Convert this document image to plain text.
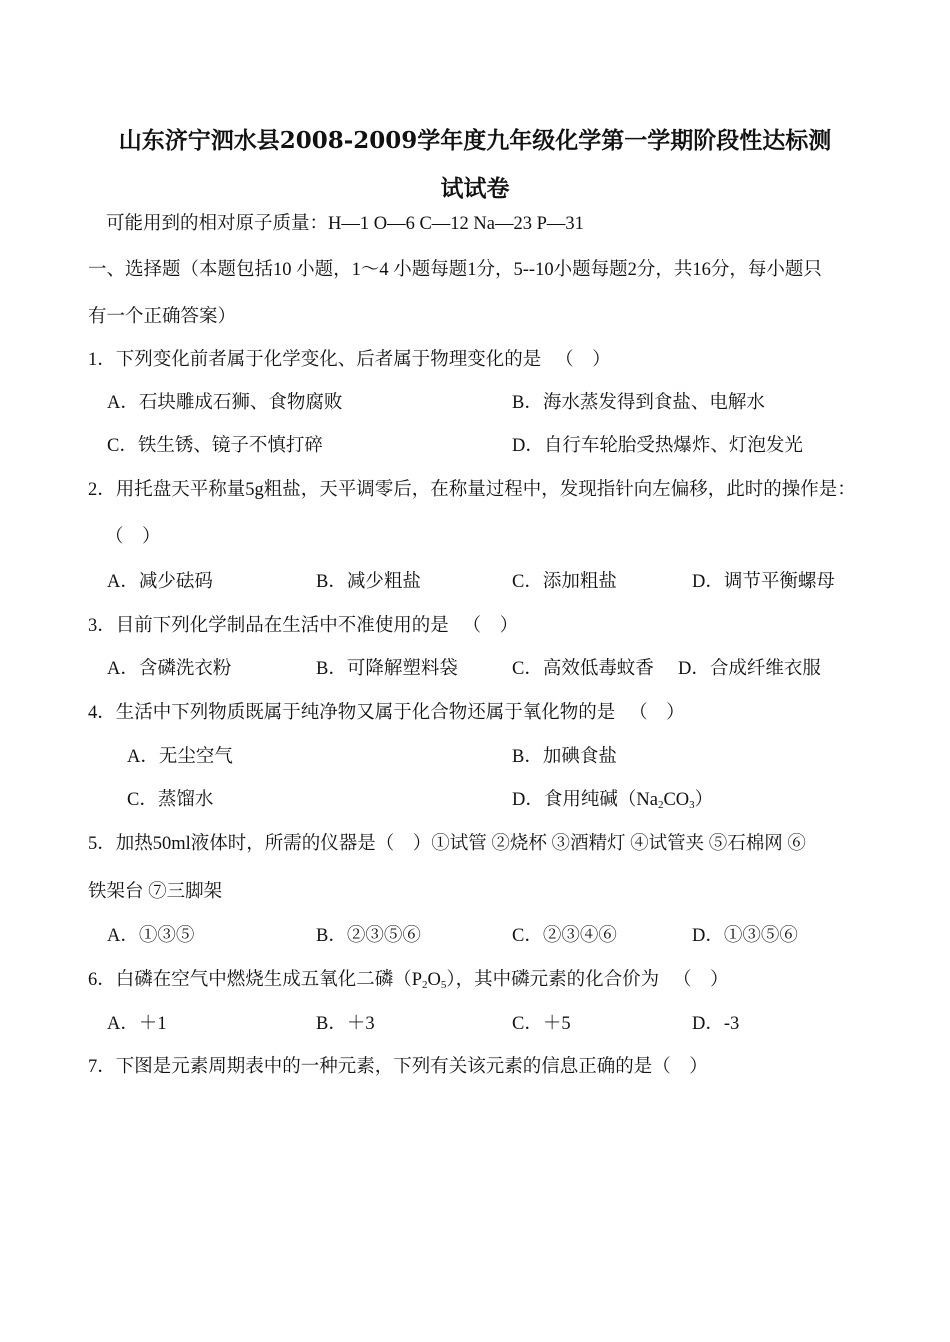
山东济宁泗水县2008-2009学年度九年级化学第一学期阶段性达标测
试试卷
可能用到的相对原子质量：H—1 O—6 C—12 Na—23 P—31
一、选择题（本题包括10 小题，1～4 小题每题1分，5--10小题每题2分，共16分，每小题只
有一个正确答案）
1．下列变化前者属于化学变化、后者属于物理变化的是 　（　）
A．石块雕成石狮、食物腐败	B．海水蒸发得到食盐、电解水
C．铁生锈、镜子不慎打碎	D．自行车轮胎受热爆炸、灯泡发光
2．用托盘天平称量5g粗盐，天平调零后，在称量过程中，发现指针向左偏移，此时的操作是：
（　）
A．减少砝码	B．减少粗盐	C．添加粗盐	D．调节平衡螺母
3．目前下列化学制品在生活中不准使用的是 　（　）
A．含磷洗衣粉	B．可降解塑料袋	C．高效低毒蚊香 D．合成纤维衣服
4．生活中下列物质既属于纯净物又属于化合物还属于氧化物的是 　（　）
A．无尘空气	B．加碘食盐
C．蒸馏水	D．食用纯碱$(Na_2CO_3)$
5．加热50ml液体时，所需的仪器是（　）①试管 ②烧杯 ③酒精灯 ④试管夹 ⑤石棉网 ⑥
铁架台 ⑦三脚架
A．①③⑤	B．②③⑤⑥	C．②③④⑥	D．①③⑤⑥
6．白磷在空气中燃烧生成五氧化二磷$(P_2O_5)$，其中磷元素的化合价为 　（　）
A．＋1	B．＋3	C．＋5	D．-3
7．下图是元素周期表中的一种元素，下列有关该元素的信息正确的是（　）
